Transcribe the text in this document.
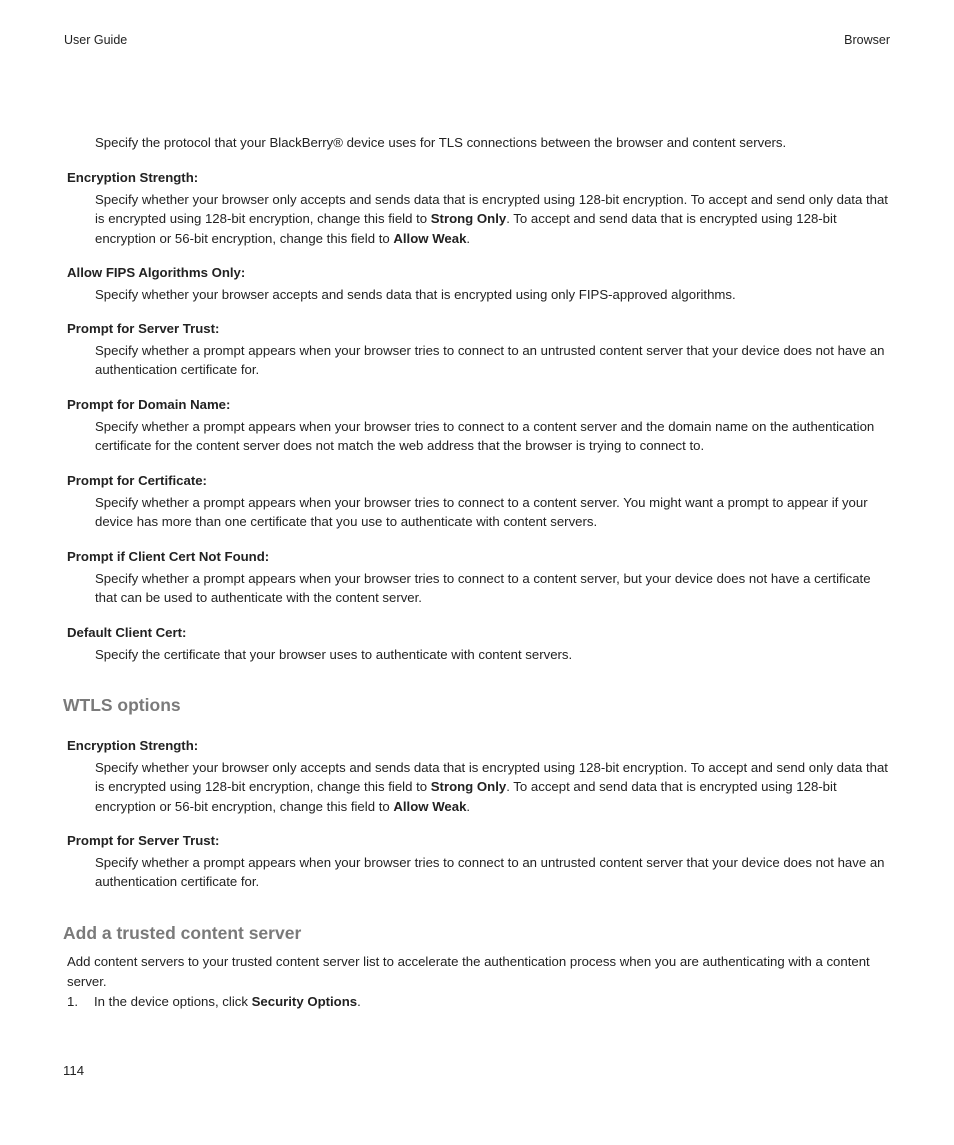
User Guide	Browser

Specify the protocol that your BlackBerry® device uses for TLS connections between the browser and content servers.

Encryption Strength:

Specify whether your browser only accepts and sends data that is encrypted using 128-bit encryption. To accept and send only data that is encrypted using 128-bit encryption, change this field to Strong Only. To accept and send data that is encrypted using 128-bit encryption or 56-bit encryption, change this field to Allow Weak.

Allow FIPS Algorithms Only:

Specify whether your browser accepts and sends data that is encrypted using only FIPS-approved algorithms.

Prompt for Server Trust:

Specify whether a prompt appears when your browser tries to connect to an untrusted content server that your device does not have an authentication certificate for.

Prompt for Domain Name:

Specify whether a prompt appears when your browser tries to connect to a content server and the domain name on the authentication certificate for the content server does not match the web address that the browser is trying to connect to.

Prompt for Certificate:

Specify whether a prompt appears when your browser tries to connect to a content server. You might want a prompt to appear if your device has more than one certificate that you use to authenticate with content servers.

Prompt if Client Cert Not Found:

Specify whether a prompt appears when your browser tries to connect to a content server, but your device does not have a certificate that can be used to authenticate with the content server.

Default Client Cert:

Specify the certificate that your browser uses to authenticate with content servers.

WTLS options

Encryption Strength:

Specify whether your browser only accepts and sends data that is encrypted using 128-bit encryption. To accept and send only data that is encrypted using 128-bit encryption, change this field to Strong Only. To accept and send data that is encrypted using 128-bit encryption or 56-bit encryption, change this field to Allow Weak.

Prompt for Server Trust:

Specify whether a prompt appears when your browser tries to connect to an untrusted content server that your device does not have an authentication certificate for.

Add a trusted content server

Add content servers to your trusted content server list to accelerate the authentication process when you are authenticating with a content server.

1. In the device options, click Security Options.
114
